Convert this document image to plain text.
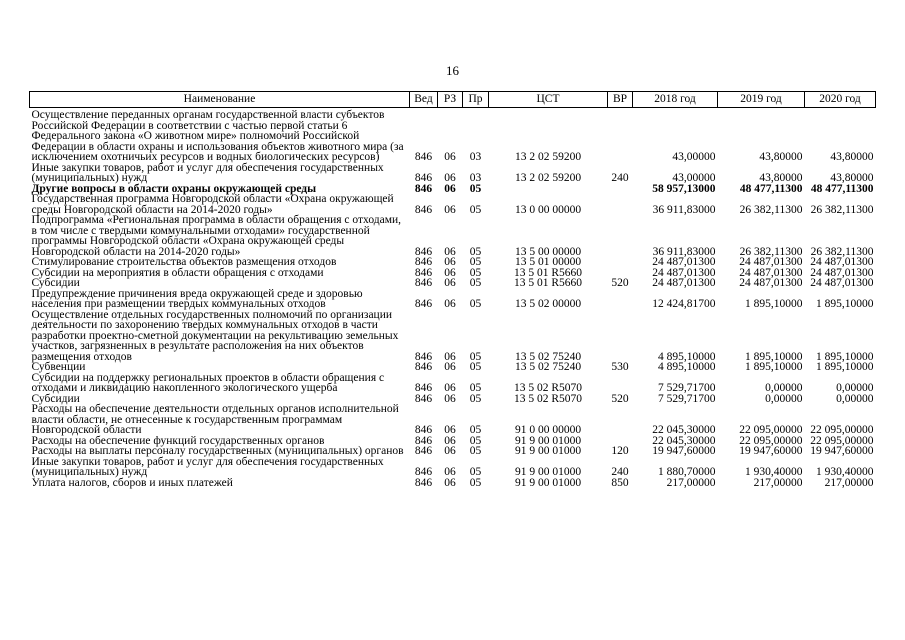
16
Наименование	Вед	РЗ	Пр	ЦСТ	ВР	2018 год	2019 год	2020 год
Осуществление переданных органам государственной власти субъектов Российской Федерации в соответствии с частью первой статьи 6 Федерального закона «О животном мире» полномочий Российской Федерации в области охраны и использования объектов животного мира (за исключением охотничьих ресурсов и водных биологических ресурсов)	846	06	03	13 2 02 59200		43,00000	43,80000	43,80000
Иные закупки товаров, работ и услуг для обеспечения государственных (муниципальных) нужд	846	06	03	13 2 02 59200	240	43,00000	43,80000	43,80000
Другие вопросы в области охраны окружающей среды	846	06	05			58 957,13000	48 477,11300	48 477,11300
Государственная программа Новгородской области «Охрана окружающей среды Новгородской области на 2014-2020 годы»	846	06	05	13 0 00 00000		36 911,83000	26 382,11300	26 382,11300
Подпрограмма «Региональная программа в области обращения с отходами, в том числе с твердыми коммунальными отходами» государственной программы Новгородской области «Охрана окружающей среды Новгородской области на 2014-2020 годы»	846	06	05	13 5 00 00000		36 911,83000	26 382,11300	26 382,11300
Стимулирование строительства объектов размещения отходов	846	06	05	13 5 01 00000		24 487,01300	24 487,01300	24 487,01300
Субсидии на мероприятия в области обращения с отходами	846	06	05	13 5 01 R5660		24 487,01300	24 487,01300	24 487,01300
Субсидии	846	06	05	13 5 01 R5660	520	24 487,01300	24 487,01300	24 487,01300
Предупреждение причинения вреда окружающей среде и здоровью населения при размещении твердых коммунальных отходов	846	06	05	13 5 02 00000		12 424,81700	1 895,10000	1 895,10000
Осуществление отдельных государственных полномочий по организации деятельности по захоронению твердых коммунальных отходов в части разработки проектно-сметной документации на рекультивацию земельных участков, загрязненных в результате расположения на них объектов размещения отходов	846	06	05	13 5 02 75240		4 895,10000	1 895,10000	1 895,10000
Субвенции	846	06	05	13 5 02 75240	530	4 895,10000	1 895,10000	1 895,10000
Субсидии на поддержку региональных проектов в области обращения с отходами и ликвидацию накопленного экологического ущерба	846	06	05	13 5 02 R5070		7 529,71700	0,00000	0,00000
Субсидии	846	06	05	13 5 02 R5070	520	7 529,71700	0,00000	0,00000
Расходы на обеспечение деятельности отдельных органов исполнительной власти области, не отнесенные к государственным программам Новгородской области	846	06	05	91 0 00 00000		22 045,30000	22 095,00000	22 095,00000
Расходы на обеспечение функций государственных органов	846	06	05	91 9 00 01000		22 045,30000	22 095,00000	22 095,00000
Расходы на выплаты персоналу государственных (муниципальных) органов	846	06	05	91 9 00 01000	120	19 947,60000	19 947,60000	19 947,60000
Иные закупки товаров, работ и услуг для обеспечения государственных (муниципальных) нужд	846	06	05	91 9 00 01000	240	1 880,70000	1 930,40000	1 930,40000
Уплата налогов, сборов и иных платежей	846	06	05	91 9 00 01000	850	217,00000	217,00000	217,00000
